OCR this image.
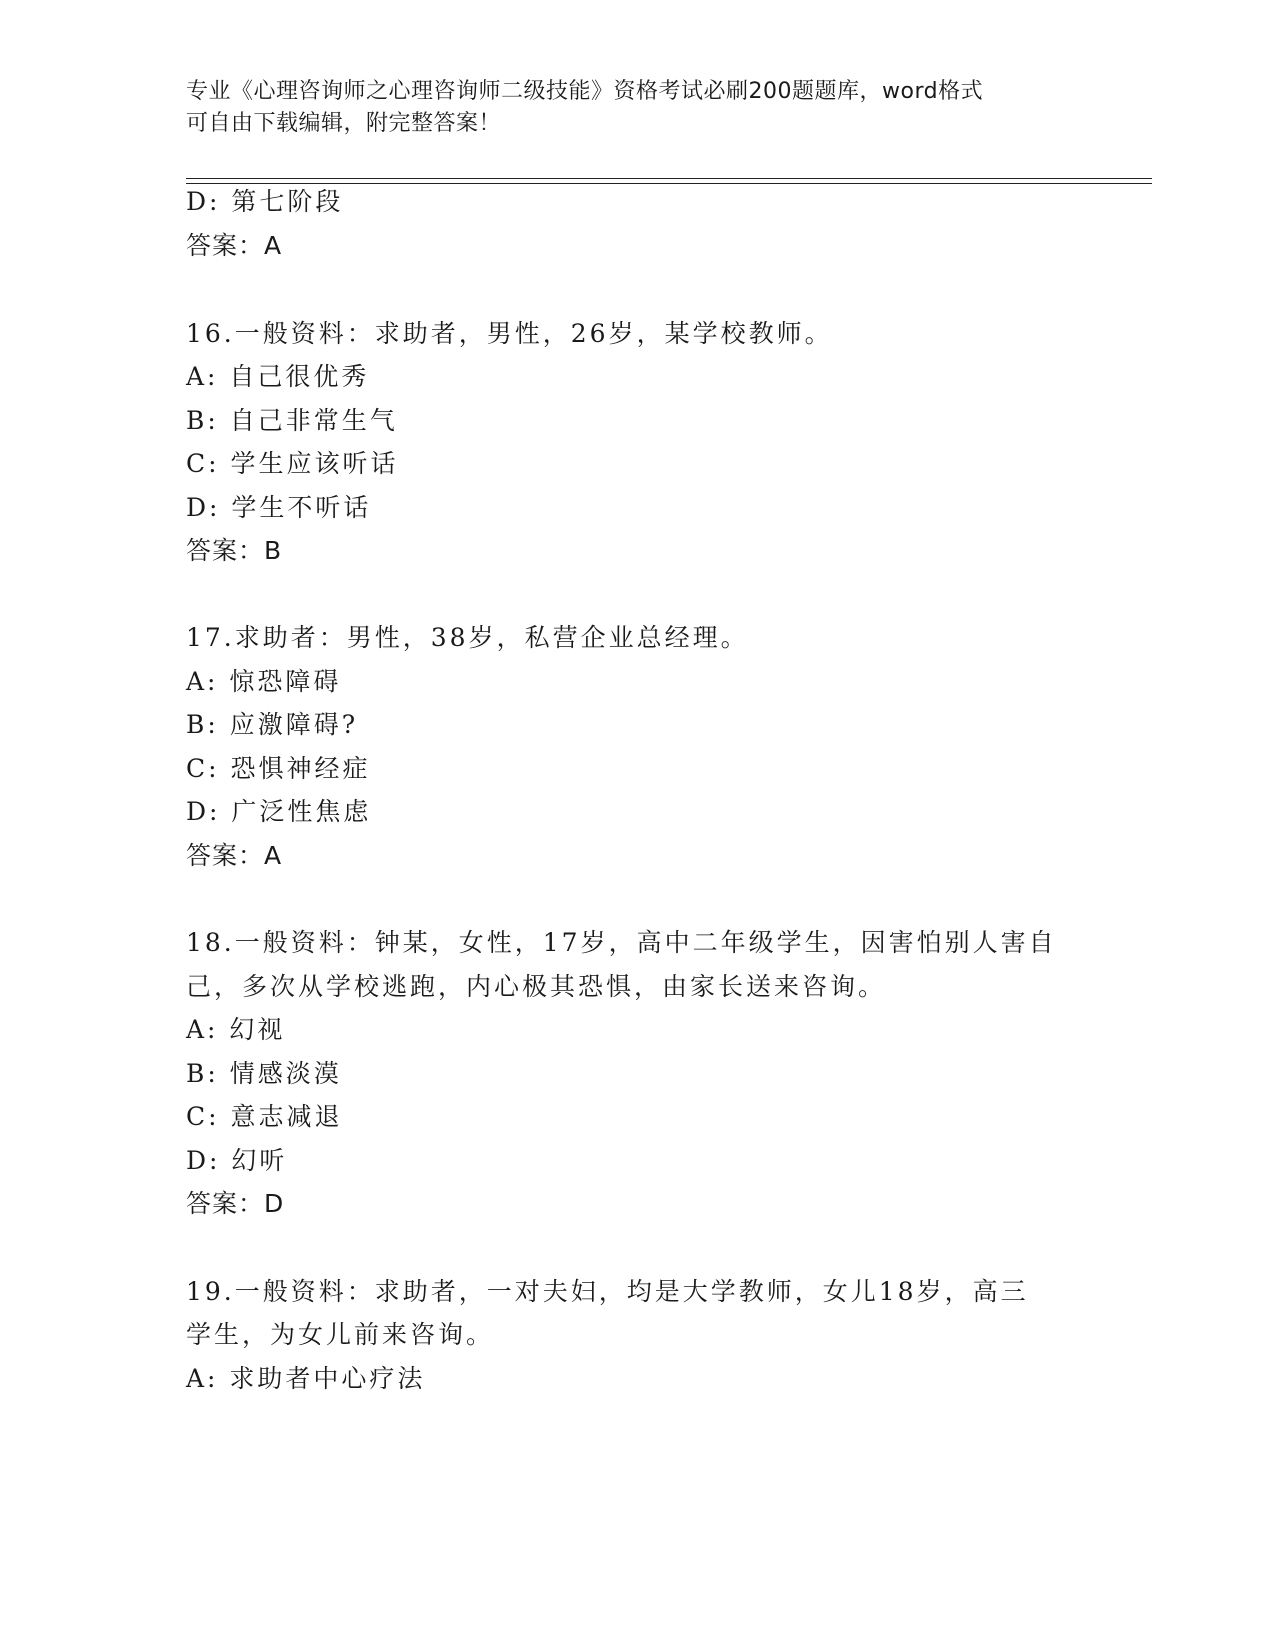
专业《心理咨询师之心理咨询师二级技能》资格考试必刷200题题库，word格式
可自由下载编辑，附完整答案！
D: 第七阶段
答案：A
16.一般资料：求助者，男性，26岁，某学校教师。
A: 自己很优秀
B: 自己非常生气
C: 学生应该听话
D: 学生不听话
答案：B
17.求助者：男性，38岁，私营企业总经理。
A: 惊恐障碍
B: 应激障碍?
C: 恐惧神经症
D: 广泛性焦虑
答案：A
18.一般资料：钟某，女性，17岁，高中二年级学生，因害怕别人害自
己，多次从学校逃跑，内心极其恐惧，由家长送来咨询。
A: 幻视
B: 情感淡漠
C: 意志减退
D: 幻听
答案：D
19.一般资料：求助者，一对夫妇，均是大学教师，女儿18岁，高三
学生，为女儿前来咨询。
A: 求助者中心疗法
